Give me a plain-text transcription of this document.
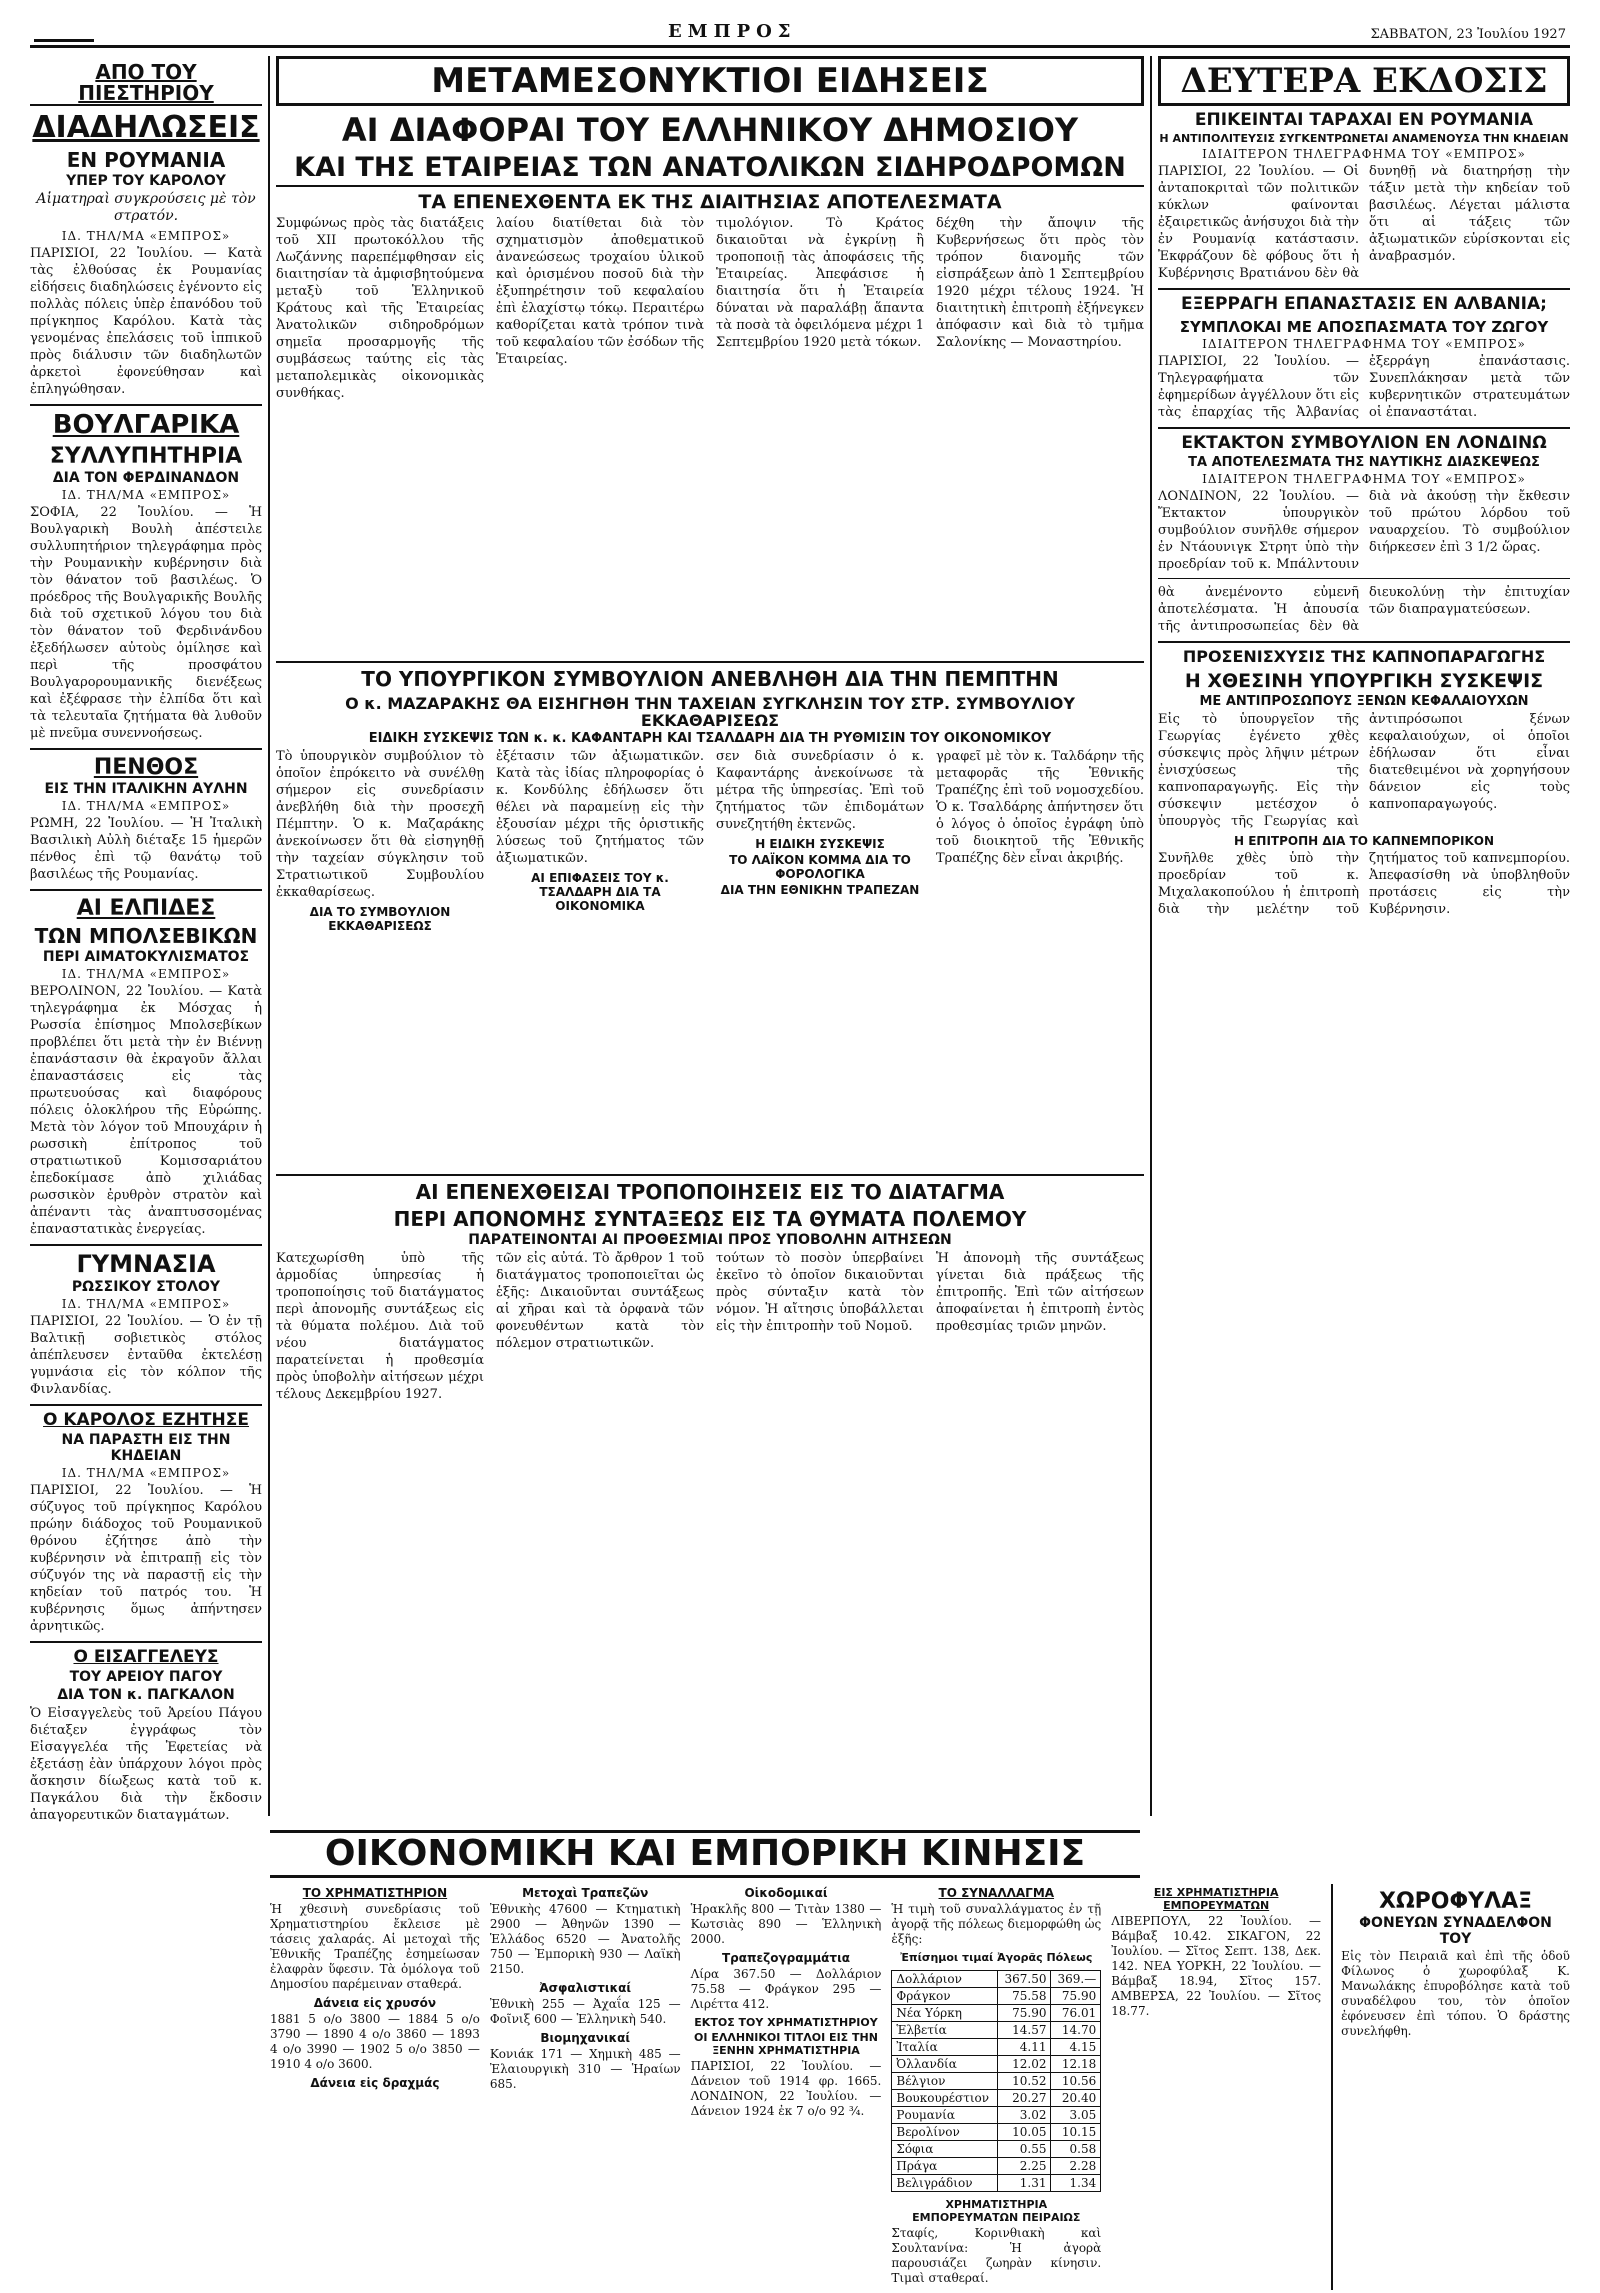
ΕΜΠΡΟΣ	ΣΑΒΒΑΤΟΝ, 23 Ἰουλίου 1927
ΑΠΟ ΤΟΥ ΠΙΕΣΤΗΡΙΟΥ
ΔΙΑΔΗΛΩΣΕΙΣ
ΕΝ ΡΟΥΜΑΝΙΑ
ΥΠΕΡ ΤΟΥ ΚΑΡΟΛΟΥ
Αἱματηραὶ συγκρούσεις μὲ τὸν στρατόν.
ΙΔ. ΤΗΛ/ΜΑ «ΕΜΠΡΟΣ»
ΠΑΡΙΣΙΟΙ, 22 Ἰουλίου. — Κατὰ τὰς ἐλθούσας ἐκ Ρουμανίας εἰδήσεις διαδηλώσεις ἐγένοντο εἰς πολλὰς πόλεις ὑπὲρ ἐπανόδου τοῦ πρίγκηπος Καρόλου. Κατὰ τὰς γενομένας ἐπελάσεις τοῦ ἱππικοῦ πρὸς διάλυσιν τῶν διαδηλωτῶν ἀρκετοὶ ἐφονεύθησαν καὶ ἐπληγώθησαν.
ΒΟΥΛΓΑΡΙΚΑ
ΣΥΛΛΥΠΗΤΗΡΙΑ
ΔΙΑ ΤΟΝ ΦΕΡΔΙΝΑΝΔΟΝ
ΙΔ. ΤΗΛ/ΜΑ «ΕΜΠΡΟΣ»
ΣΟΦΙΑ, 22 Ἰουλίου. — Ἡ Βουλγαρικὴ Βουλὴ ἀπέστειλε συλλυπητήριον τηλεγράφημα πρὸς τὴν Ρουμανικὴν κυβέρνησιν διὰ τὸν θάνατον τοῦ βασιλέως. Ὁ πρόεδρος τῆς Βουλγαρικῆς Βουλῆς διὰ τοῦ σχετικοῦ λόγου του διὰ τὸν θάνατον τοῦ Φερδινάνδου ἐξεδήλωσεν αὐτοὺς ὁμίλησε καὶ περὶ τῆς προσφάτου Βουλγαρορουμανικῆς διενέξεως καὶ ἐξέφρασε τὴν ἐλπίδα ὅτι καὶ τὰ τελευταῖα ζητήματα θὰ λυθοῦν μὲ πνεῦμα συνεννοήσεως.
ΠΕΝΘΟΣ
ΕΙΣ ΤΗΝ ΙΤΑΛΙΚΗΝ ΑΥΛΗΝ
ΙΔ. ΤΗΛ/ΜΑ «ΕΜΠΡΟΣ»
ΡΩΜΗ, 22 Ἰουλίου. — Ἡ Ἰταλικὴ Βασιλικὴ Αὐλὴ διέταξε 15 ἡμερῶν πένθος ἐπὶ τῷ θανάτῳ τοῦ βασιλέως τῆς Ρουμανίας.
ΑΙ ΕΛΠΙΔΕΣ
ΤΩΝ ΜΠΟΛΣΕΒΙΚΩΝ
ΠΕΡΙ ΑΙΜΑΤΟΚΥΛΙΣΜΑΤΟΣ
ΙΔ. ΤΗΛ/ΜΑ «ΕΜΠΡΟΣ»
ΒΕΡΟΛΙΝΟΝ, 22 Ἰουλίου. — Κατὰ τηλεγράφημα ἐκ Μόσχας ἡ Ρωσσία ἐπίσημος Μπολσεβίκων προβλέπει ὅτι μετὰ τὴν ἐν Βιέννῃ ἐπανάστασιν θὰ ἐκραγοῦν ἄλλαι ἐπαναστάσεις εἰς τὰς πρωτευούσας καὶ διαφόρους πόλεις ὁλοκλήρου τῆς Εὐρώπης. Μετὰ τὸν λόγον τοῦ Μπουχάριν ἡ ρωσσικὴ ἐπίτροπος τοῦ στρατιωτικοῦ Κομισσαριάτου ἐπεδοκίμασε ἀπὸ χιλιάδας ρωσσικὸν ἐρυθρὸν στρατὸν καὶ ἀπέναντι τὰς ἀναπτυσσομένας ἐπαναστατικὰς ἐνεργείας.
ΓΥΜΝΑΣΙΑ
ΡΩΣΣΙΚΟΥ ΣΤΟΛΟΥ
ΙΔ. ΤΗΛ/ΜΑ «ΕΜΠΡΟΣ»
ΠΑΡΙΣΙΟΙ, 22 Ἰουλίου. — Ὁ ἐν τῇ Βαλτικῇ σοβιετικὸς στόλος ἀπέπλευσεν ἐνταῦθα ἐκτελέσῃ γυμνάσια εἰς τὸν κόλπον τῆς Φινλανδίας.
Ο ΚΑΡΟΛΟΣ ΕΖΗΤΗΣΕ
ΝΑ ΠΑΡΑΣΤΗ ΕΙΣ ΤΗΝ ΚΗΔΕΙΑΝ
ΙΔ. ΤΗΛ/ΜΑ «ΕΜΠΡΟΣ»
ΠΑΡΙΣΙΟΙ, 22 Ἰουλίου. — Ἡ σύζυγος τοῦ πρίγκηπος Καρόλου πρώην διάδοχος τοῦ Ρουμανικοῦ θρόνου ἐζήτησε ἀπὸ τὴν κυβέρνησιν νὰ ἐπιτραπῇ εἰς τὸν σύζυγόν της νὰ παραστῇ εἰς τὴν κηδείαν τοῦ πατρός του. Ἡ κυβέρνησις ὅμως ἀπήντησεν ἀρνητικῶς.
Ο ΕΙΣΑΓΓΕΛΕΥΣ
ΤΟΥ ΑΡΕΙΟΥ ΠΑΓΟΥ
ΔΙΑ ΤΟΝ κ. ΠΑΓΚΑΛΟΝ
Ὁ Εἰσαγγελεὺς τοῦ Ἀρείου Πάγου διέταξεν ἐγγράφως τὸν Εἰσαγγελέα τῆς Ἐφετείας νὰ ἐξετάσῃ ἐὰν ὑπάρχουν λόγοι πρὸς ἄσκησιν δίωξεως κατὰ τοῦ κ. Παγκάλου διὰ τὴν ἔκδοσιν ἀπαγορευτικῶν διαταγμάτων.
ΜΕΤΑΜΕΣΟΝΥΚΤΙΟΙ ΕΙΔΗΣΕΙΣ
ΑΙ ΔΙΑΦΟΡΑΙ ΤΟΥ ΕΛΛΗΝΙΚΟΥ ΔΗΜΟΣΙΟΥ
ΚΑΙ ΤΗΣ ΕΤΑΙΡΕΙΑΣ ΤΩΝ ΑΝΑΤΟΛΙΚΩΝ ΣΙΔΗΡΟΔΡΟΜΩΝ
ΤΑ ΕΠΕΝΕΧΘΕΝΤΑ ΕΚ ΤΗΣ ΔΙΑΙΤΗΣΙΑΣ ΑΠΟΤΕΛΕΣΜΑΤΑ
Συμφώνως πρὸς τὰς διατάξεις τοῦ XII πρωτοκόλλου τῆς Λωζάννης παρεπέμφθησαν εἰς διαιτησίαν τὰ ἀμφισβητούμενα μεταξὺ τοῦ Ἑλληνικοῦ Κράτους καὶ τῆς Ἑταιρείας Ἀνατολικῶν σιδηροδρόμων σημεῖα προσαρμογῆς τῆς συμβάσεως ταύτης εἰς τὰς μεταπολεμικὰς οἰκονομικὰς συνθήκας.
λαίου διατίθεται διὰ τὸν σχηματισμὸν ἀποθεματικοῦ ἀνανεώσεως τροχαίου ὑλικοῦ καὶ ὁρισμένου ποσοῦ διὰ τὴν ἐξυπηρέτησιν τοῦ κεφαλαίου ἐπὶ ἐλαχίστῳ τόκῳ. Περαιτέρω καθορίζεται κατὰ τρόπον τινὰ τοῦ κεφαλαίου τῶν ἐσόδων τῆς Ἑταιρείας.
τιμολόγιον. Τὸ Κράτος δικαιοῦται νὰ ἐγκρίνῃ ἢ τροποποιῇ τὰς ἀποφάσεις τῆς Ἑταιρείας. Ἀπεφάσισε ἡ διαιτησία ὅτι ἡ Ἑταιρεία δύναται νὰ παραλάβῃ ἅπαντα τὰ ποσὰ τὰ ὀφειλόμενα μέχρι 1 Σεπτεμβρίου 1920 μετὰ τόκων.
δέχθη τὴν ἄποψιν τῆς Κυβερνήσεως ὅτι πρὸς τὸν τρόπον διανομῆς τῶν εἰσπράξεων ἀπὸ 1 Σεπτεμβρίου 1920 μέχρι τέλους 1924. Ἡ διαιτητικὴ ἐπιτροπὴ ἐξήνεγκεν ἀπόφασιν καὶ διὰ τὸ τμῆμα Σαλονίκης — Μοναστηρίου.
ΤΟ ΥΠΟΥΡΓΙΚΟΝ ΣΥΜΒΟΥΛΙΟΝ ΑΝΕΒΛΗΘΗ ΔΙΑ ΤΗΝ ΠΕΜΠΤΗΝ
Ο κ. ΜΑΖΑΡΑΚΗΣ ΘΑ ΕΙΣΗΓΗΘΗ ΤΗΝ ΤΑΧΕΙΑΝ ΣΥΓΚΛΗΣΙΝ ΤΟΥ ΣΤΡ. ΣΥΜΒΟΥΛΙΟΥ ΕΚΚΑΘΑΡΙΣΕΩΣ
ΕΙΔΙΚΗ ΣΥΣΚΕΨΙΣ ΤΩΝ κ. κ. ΚΑΦΑΝΤΑΡΗ ΚΑΙ ΤΣΑΛΔΑΡΗ ΔΙΑ ΤΗ ΡΥΘΜΙΣΙΝ ΤΟΥ ΟΙΚΟΝΟΜΙΚΟΥ
Τὸ ὑπουργικὸν συμβούλιον τὸ ὁποῖον ἐπρόκειτο νὰ συνέλθῃ σήμερον εἰς συνεδρίασιν ἀνεβλήθη διὰ τὴν προσεχῆ Πέμπτην. Ὁ κ. Μαζαράκης ἀνεκοίνωσεν ὅτι θὰ εἰσηγηθῇ τὴν ταχείαν σύγκλησιν τοῦ Στρατιωτικοῦ Συμβουλίου ἐκκαθαρίσεως.
ΔΙΑ ΤΟ ΣΥΜΒΟΥΛΙΟΝ ΕΚΚΑΘΑΡΙΣΕΩΣ
ἐξέτασιν τῶν ἀξιωματικῶν. Κατὰ τὰς ἰδίας πληροφορίας ὁ κ. Κονδύλης ἐδήλωσεν ὅτι θέλει νὰ παραμείνῃ εἰς τὴν ἐξουσίαν μέχρι τῆς ὁριστικῆς λύσεως τοῦ ζητήματος τῶν ἀξιωματικῶν.
ΑΙ ΕΠΙΦΑΣΕΙΣ ΤΟΥ κ. ΤΣΑΛΔΑΡΗ ΔΙΑ ΤΑ ΟΙΚΟΝΟΜΙΚΑ
σεν διὰ συνεδρίασιν ὁ κ. Καφαντάρης ἀνεκοίνωσε τὰ μέτρα τῆς ὑπηρεσίας. Ἐπὶ τοῦ ζητήματος τῶν ἐπιδομάτων συνεζητήθη ἐκτενῶς.
Η ΕΙΔΙΚΗ ΣΥΣΚΕΨΙΣ
ΤΟ ΛΑΪΚΟΝ ΚΟΜΜΑ ΔΙΑ ΤΟ ΦΟΡΟΛΟΓΙΚΑ
ΔΙΑ ΤΗΝ ΕΘΝΙΚΗΝ ΤΡΑΠΕΖΑΝ
γραφεῖ μὲ τὸν κ. Ταλδάρην τῆς μεταφορᾶς τῆς Ἑθνικῆς Τραπέζης ἐπὶ τοῦ νομοσχεδίου. Ὁ κ. Τσαλδάρης ἀπήντησεν ὅτι ὁ λόγος ὁ ὁποῖος ἐγράφη ὑπὸ τοῦ διοικητοῦ τῆς Ἐθνικῆς Τραπέζης δὲν εἶναι ἀκριβής.
ΑΙ ΕΠΕΝΕΧΘΕΙΣΑΙ ΤΡΟΠΟΠΟΙΗΣΕΙΣ ΕΙΣ ΤΟ ΔΙΑΤΑΓΜΑ
ΠΕΡΙ ΑΠΟΝΟΜΗΣ ΣΥΝΤΑΞΕΩΣ ΕΙΣ ΤΑ ΘΥΜΑΤΑ ΠΟΛΕΜΟΥ
ΠΑΡΑΤΕΙΝΟΝΤΑΙ ΑΙ ΠΡΟΘΕΣΜΙΑΙ ΠΡΟΣ ΥΠΟΒΟΛΗΝ ΑΙΤΗΣΕΩΝ
Κατεχωρίσθη ὑπὸ τῆς ἁρμοδίας ὑπηρεσίας ἡ τροποποίησις τοῦ διατάγματος περὶ ἀπονομῆς συντάξεως εἰς τὰ θύματα πολέμου. Διὰ τοῦ νέου διατάγματος παρατείνεται ἡ προθεσμία πρὸς ὑποβολὴν αἰτήσεων μέχρι τέλους Δεκεμβρίου 1927.
τῶν εἰς αὐτά. Τὸ ἄρθρον 1 τοῦ διατάγματος τροποποιεῖται ὡς ἑξῆς: Δικαιοῦνται συντάξεως αἱ χῆραι καὶ τὰ ὀρφανὰ τῶν φονευθέντων κατὰ τὸν πόλεμον στρατιωτικῶν.
τούτων τὸ ποσὸν ὑπερβαίνει ἐκεῖνο τὸ ὁποῖον δικαιοῦνται πρὸς σύνταξιν κατὰ τὸν νόμον. Ἡ αἴτησις ὑποβάλλεται εἰς τὴν ἐπιτροπὴν τοῦ Νομοῦ.
Ἡ ἀπονομὴ τῆς συντάξεως γίνεται διὰ πράξεως τῆς ἐπιτροπῆς. Ἐπὶ τῶν αἰτήσεων ἀποφαίνεται ἡ ἐπιτροπὴ ἐντὸς προθεσμίας τριῶν μηνῶν.
ΔΕΥΤΕΡΑ ΕΚΔΟΣΙΣ
ΕΠΙΚΕΙΝΤΑΙ ΤΑΡΑΧΑΙ ΕΝ ΡΟΥΜΑΝΙΑ
Η ΑΝΤΙΠΟΛΙΤΕΥΣΙΣ ΣΥΓΚΕΝΤΡΩΝΕΤΑΙ ΑΝΑΜΕΝΟΥΣΑ ΤΗΝ ΚΗΔΕΙΑΝ
ΙΔΙΑΙΤΕΡΟΝ ΤΗΛΕΓΡΑΦΗΜΑ ΤΟΥ «ΕΜΠΡΟΣ»
ΠΑΡΙΣΙΟΙ, 22 Ἰουλίου. — Οἱ ἀνταποκριταὶ τῶν πολιτικῶν κύκλων φαίνονται ἐξαιρετικῶς ἀνήσυχοι διὰ τὴν ἐν Ρουμανίᾳ κατάστασιν. Ἐκφράζουν δὲ φόβους ὅτι ἡ Κυβέρνησις Βρατιάνου δὲν θὰ δυνηθῇ νὰ διατηρήσῃ τὴν τάξιν μετὰ τὴν κηδείαν τοῦ βασιλέως. Λέγεται μάλιστα ὅτι αἱ τάξεις τῶν ἀξιωματικῶν εὑρίσκονται εἰς ἀναβρασμόν.
ΕΞΕΡΡΑΓΗ ΕΠΑΝΑΣΤΑΣΙΣ ΕΝ ΑΛΒΑΝΙΑ;
ΣΥΜΠΛΟΚΑΙ ΜΕ ΑΠΟΣΠΑΣΜΑΤΑ ΤΟΥ ΖΩΓΟΥ
ΙΔΙΑΙΤΕΡΟΝ ΤΗΛΕΓΡΑΦΗΜΑ ΤΟΥ «ΕΜΠΡΟΣ»
ΠΑΡΙΣΙΟΙ, 22 Ἰουλίου. — Τηλεγραφήματα τῶν ἐφημερίδων ἀγγέλλουν ὅτι εἰς τὰς ἐπαρχίας τῆς Ἀλβανίας ἐξερράγη ἐπανάστασις. Συνεπλάκησαν μετὰ τῶν κυβερνητικῶν στρατευμάτων οἱ ἐπαναστάται.
ΕΚΤΑΚΤΟΝ ΣΥΜΒΟΥΛΙΟΝ ΕΝ ΛΟΝΔΙΝΩ
ΤΑ ΑΠΟΤΕΛΕΣΜΑΤΑ ΤΗΣ ΝΑΥΤΙΚΗΣ ΔΙΑΣΚΕΨΕΩΣ
ΙΔΙΑΙΤΕΡΟΝ ΤΗΛΕΓΡΑΦΗΜΑ ΤΟΥ «ΕΜΠΡΟΣ»
ΛΟΝΔΙΝΟΝ, 22 Ἰουλίου. — Ἔκτακτον ὑπουργικὸν συμβούλιον συνῆλθε σήμερον ἐν Ντάουνιγκ Στρητ ὑπὸ τὴν προεδρίαν τοῦ κ. Μπάλντουιν διὰ νὰ ἀκούσῃ τὴν ἔκθεσιν τοῦ πρώτου λόρδου τοῦ ναυαρχείου. Τὸ συμβούλιον διήρκεσεν ἐπὶ 3 1/2 ὥρας.
θὰ ἀνεμένοντο εὐμενῆ ἀποτελέσματα. Ἡ ἀπουσία τῆς ἀντιπροσωπείας δὲν θὰ διευκολύνῃ τὴν ἐπιτυχίαν τῶν διαπραγματεύσεων.
ΠΡΟΣΕΝΙΣΧΥΣΙΣ ΤΗΣ ΚΑΠΝΟΠΑΡΑΓΩΓΗΣ
Η ΧΘΕΣΙΝΗ ΥΠΟΥΡΓΙΚΗ ΣΥΣΚΕΨΙΣ
ΜΕ ΑΝΤΙΠΡΟΣΩΠΟΥΣ ΞΕΝΩΝ ΚΕΦΑΛΑΙΟΥΧΩΝ
Εἰς τὸ ὑπουργεῖον τῆς Γεωργίας ἐγένετο χθὲς σύσκεψις πρὸς λῆψιν μέτρων ἐνισχύσεως τῆς καπνοπαραγωγῆς. Εἰς τὴν σύσκεψιν μετέσχον ὁ ὑπουργὸς τῆς Γεωργίας καὶ ἀντιπρόσωποι ξένων κεφαλαιούχων, οἱ ὁποῖοι ἐδήλωσαν ὅτι εἶναι διατεθειμένοι νὰ χορηγήσουν δάνειον εἰς τοὺς καπνοπαραγωγούς.
Η ΕΠΙΤΡΟΠΗ ΔΙΑ ΤΟ ΚΑΠΝΕΜΠΟΡΙΚΟΝ
Συνῆλθε χθὲς ὑπὸ τὴν προεδρίαν τοῦ κ. Μιχαλακοπούλου ἡ ἐπιτροπὴ διὰ τὴν μελέτην τοῦ ζητήματος τοῦ καπνεμπορίου. Ἀπεφασίσθη νὰ ὑποβληθοῦν προτάσεις εἰς τὴν Κυβέρνησιν.
ΟΙΚΟΝΟΜΙΚΗ ΚΑΙ ΕΜΠΟΡΙΚΗ ΚΙΝΗΣΙΣ
ΤΟ ΧΡΗΜΑΤΙΣΤΗΡΙΟΝ
Ἡ χθεσινὴ συνεδρίασις τοῦ Χρηματιστηρίου ἔκλεισε μὲ τάσεις χαλαράς. Αἱ μετοχαὶ τῆς Ἐθνικῆς Τραπέζης ἐσημείωσαν ἐλαφρὰν ὕφεσιν. Τὰ ὁμόλογα τοῦ Δημοσίου παρέμειναν σταθερά.
Δάνεια εἰς χρυσόν
1881 5 ο/ο 3800 — 1884 5 ο/ο 3790 — 1890 4 ο/ο 3860 — 1893 4 ο/ο 3990 — 1902 5 ο/ο 3850 — 1910 4 ο/ο 3600.
Δάνεια εἰς δραχμάς
Μετοχαὶ Τραπεζῶν
Ἐθνικὴς 47600 — Κτηματικὴ 2900 — Ἀθηνῶν 1390 — Ἑλλάδος 6520 — Ἀνατολῆς 750 — Ἐμπορικὴ 930 — Λαϊκὴ 2150.
Ἀσφαλιστικαί
Ἐθνικὴ 255 — Ἀχαΐα 125 — Φοῖνιξ 600 — Ἑλληνικὴ 540.
Βιομηχανικαί
Κονιάκ 171 — Χημικὴ 485 — Ἐλαιουργικὴ 310 — Ἡραίων 685.
Οἰκοδομικαί
Ἡρακλῆς 800 — Τιτὰν 1380 — Κωτσιὰς 890 — Ἑλληνικὴ 2000.
Τραπεζογραμμάτια
Λίρα 367.50 — Δολλάριον 75.58 — Φράγκον 295 — Λιρέττα 412.
ΕΚΤΟΣ ΤΟΥ ΧΡΗΜΑΤΙΣΤΗΡΙΟΥ
ΟΙ ΕΛΛΗΝΙΚΟΙ ΤΙΤΛΟΙ ΕΙΣ ΤΗΝ ΞΕΝΗΝ ΧΡΗΜΑΤΙΣΤΗΡΙΑ
ΠΑΡΙΣΙΟΙ, 22 Ἰουλίου. — Δάνειον τοῦ 1914 φρ. 1665. ΛΟΝΔΙΝΟΝ, 22 Ἰουλίου. — Δάνειον 1924 ἐκ 7 ο/ο 92 ¾.
ΤΟ ΣΥΝΑΛΛΑΓΜΑ
Ἡ τιμὴ τοῦ συναλλάγματος ἐν τῇ ἀγορᾷ τῆς πόλεως διεμορφώθη ὡς ἑξῆς:
Ἐπίσημοι τιμαί Ἀγορᾶς Πόλεως
Δολλάριον	367.50	369.—
Φράγκον	75.58	75.90
Νέα Υόρκη	75.90	76.01
Ἑλβετία	14.57	14.70
Ἰταλία	4.11	4.15
Ὀλλανδία	12.02	12.18
Βέλγιον	10.52	10.56
Βουκουρέστιον	20.27	20.40
Ρουμανία	3.02	3.05
Βερολίνον	10.05	10.15
Σόφια	0.55	0.58
Πράγα	2.25	2.28
Βελιγράδιον	1.31	1.34
ΧΡΗΜΑΤΙΣΤΗΡΙΑ ΕΜΠΟΡΕΥΜΑΤΩΝ ΠΕΙΡΑΙΩΣ
Σταφίς, Κορινθιακὴ καὶ Σουλτανίνα: Ἡ ἀγορὰ παρουσιάζει ζωηρὰν κίνησιν. Τιμαὶ σταθεραί.
ΕΙΣ ΧΡΗΜΑΤΙΣΤΗΡΙΑ ΕΜΠΟΡΕΥΜΑΤΩΝ
ΛΙΒΕΡΠΟΥΛ, 22 Ἰουλίου. — Βάμβαξ 10.42. ΣΙΚΑΓΟΝ, 22 Ἰουλίου. — Σῖτος Σεπτ. 138, Δεκ. 142. ΝΕΑ ΥΟΡΚΗ, 22 Ἰουλίου. — Βάμβαξ 18.94, Σῖτος 157. ΑΜΒΕΡΣΑ, 22 Ἰουλίου. — Σῖτος 18.77.
ΧΩΡΟΦΥΛΑΞ
ΦΟΝΕΥΩΝ ΣΥΝΑΔΕΛΦΟΝ ΤΟΥ
Εἰς τὸν Πειραιᾶ καὶ ἐπὶ τῆς ὁδοῦ Φίλωνος ὁ χωροφύλαξ Κ. Μανωλάκης ἐπυροβόλησε κατὰ τοῦ συναδέλφου του, τὸν ὁποῖον ἐφόνευσεν ἐπὶ τόπου. Ὁ δράστης συνελήφθη.
